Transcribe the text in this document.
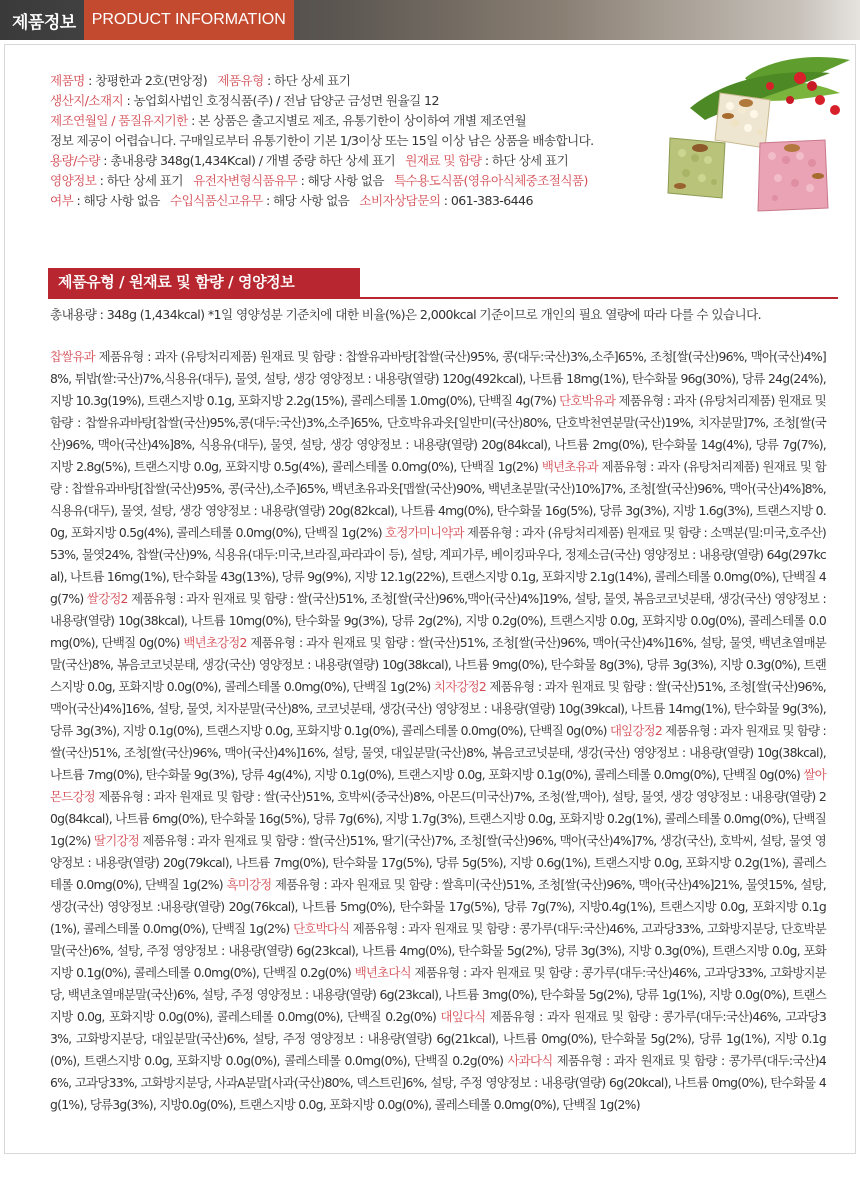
제품정보	PRODUCT INFORMATION
제품명 : 창평한과 2호(면앙정) 제품유형 : 하단 상세 표기
생산지/소재지 : 농업회사법인 호정식품(주) / 전남 담양군 금성면 원율길 12
제조연월일 / 품질유지기한 : 본 상품은 출고지별로 제조, 유통기한이 상이하여 개별 제조연월
정보 제공이 어렵습니다. 구매일로부터 유통기한이 기본 1/3이상 또는 15일 이상 남은 상품을 배송합니다.
용량/수량 : 총내용량 348g(1,434Kcal) / 개별 중량 하단 상세 표기 원재료 및 함량 : 하단 상세 표기
영양정보 : 하단 상세 표기 유전자변형식품유무 : 해당 사항 없음 특수용도식품(영유아식체중조절식품)
여부 : 해당 사항 없음 수입식품신고유무 : 해당 사항 없음 소비자상담문의 : 061-383-6446
제품유형 / 원재료 및 함량 / 영양정보
총내용량 : 348g (1,434kcal) *1일 영양성분 기준치에 대한 비율(%)은 2,000kcal 기준이므로 개인의 필요 열량에 따라 다를 수 있습니다.
찹쌀유과 제품유형 : 과자 (유탕처리제품) 원재료 및 함량 : 찹쌀유과바탕[찹쌀(국산)95%, 콩(대두:국산)3%,소주]65%, 조청[쌀(국산)96%, 맥아(국산)4%]8%, 튀밥(쌀:국산)7%,식용유(대두), 물엿, 설탕, 생강 영양정보 : 내용량(열량) 120g(492kcal), 나트륨 18mg(1%), 탄수화물 96g(30%), 당류 24g(24%), 지방 10.3g(19%), 트랜스지방 0.1g, 포화지방 2.2g(15%), 콜레스테롤 1.0mg(0%), 단백질 4g(7%) 단호박유과 제품유형 : 과자 (유탕처리제품) 원재료 및 함량 : 찹쌀유과바탕[찹쌀(국산)95%,콩(대두:국산)3%,소주]65%, 단호박유과옷[일반미(국산)80%, 단호박천연분말(국산)19%, 치자분말]7%, 조청[쌀(국산)96%, 맥아(국산)4%]8%, 식용유(대두), 물엿, 설탕, 생강 영양정보 : 내용량(열량) 20g(84kcal), 나트륨 2mg(0%), 탄수화물 14g(4%), 당류 7g(7%), 지방 2.8g(5%), 트랜스지방 0.0g, 포화지방 0.5g(4%), 콜레스테롤 0.0mg(0%), 단백질 1g(2%) 백년초유과 제품유형 : 과자 (유탕처리제품) 원재료 및 함량 : 찹쌀유과바탕[찹쌀(국산)95%, 콩(국산),소주]65%, 백년초유과옷[맵쌀(국산)90%, 백년초분말(국산)10%]7%, 조청[쌀(국산)96%, 맥아(국산)4%]8%, 식용유(대두), 물엿, 설탕, 생강 영양정보 : 내용량(열량) 20g(82kcal), 나트륨 4mg(0%), 탄수화물 16g(5%), 당류 3g(3%), 지방 1.6g(3%), 트랜스지방 0.0g, 포화지방 0.5g(4%), 콜레스테롤 0.0mg(0%), 단백질 1g(2%) 호정가미니약과 제품유형 : 과자 (유탕처리제품) 원재료 및 함량 : 소맥분(밀:미국,호주산)53%, 물엿24%, 찹쌀(국산)9%, 식용유(대두:미국,브라질,파라과이 등), 설탕, 계피가루, 베이킹파우다, 정제소금(국산) 영양정보 : 내용량(열량) 64g(297kcal), 나트륨 16mg(1%), 탄수화물 43g(13%), 당류 9g(9%), 지방 12.1g(22%), 트랜스지방 0.1g, 포화지방 2.1g(14%), 콜레스테롤 0.0mg(0%), 단백질 4g(7%) 쌀강정2 제품유형 : 과자 원재료 및 함량 : 쌀(국산)51%, 조청[쌀(국산)96%,맥아(국산)4%]19%, 설탕, 물엿, 볶음코코넛분태, 생강(국산) 영양정보 : 내용량(열량) 10g(38kcal), 나트륨 10mg(0%), 탄수화물 9g(3%), 당류 2g(2%), 지방 0.2g(0%), 트랜스지방 0.0g, 포화지방 0.0g(0%), 콜레스테롤 0.0mg(0%), 단백질 0g(0%) 백년초강정2 제품유형 : 과자 원재료 및 함량 : 쌀(국산)51%, 조청[쌀(국산)96%, 맥아(국산)4%]16%, 설탕, 물엿, 백년초열매분말(국산)8%, 볶음코코넛분태, 생강(국산) 영양정보 : 내용량(열량) 10g(38kcal), 나트륨 9mg(0%), 탄수화물 8g(3%), 당류 3g(3%), 지방 0.3g(0%), 트랜스지방 0.0g, 포화지방 0.0g(0%), 콜레스테롤 0.0mg(0%), 단백질 1g(2%) 치자강정2 제품유형 : 과자 원재료 및 함량 : 쌀(국산)51%, 조청[쌀(국산)96%, 맥아(국산)4%]16%, 설탕, 물엿, 치자분말(국산)8%, 코코넛분태, 생강(국산) 영양정보 : 내용량(열량) 10g(39kcal), 나트륨 14mg(1%), 탄수화물 9g(3%), 당류 3g(3%), 지방 0.1g(0%), 트랜스지방 0.0g, 포화지방 0.1g(0%), 콜레스테롤 0.0mg(0%), 단백질 0g(0%) 대잎강정2 제품유형 : 과자 원재료 및 함량 : 쌀(국산)51%, 조청[쌀(국산)96%, 맥아(국산)4%]16%, 설탕, 물엿, 대잎분말(국산)8%, 볶음코코넛분태, 생강(국산) 영양정보 : 내용량(열량) 10g(38kcal), 나트륨 7mg(0%), 탄수화물 9g(3%), 당류 4g(4%), 지방 0.1g(0%), 트랜스지방 0.0g, 포화지방 0.1g(0%), 콜레스테롤 0.0mg(0%), 단백질 0g(0%) 쌀아몬드강정 제품유형 : 과자 원재료 및 함량 : 쌀(국산)51%, 호박씨(중국산)8%, 아몬드(미국산)7%, 조청(쌀,맥아), 설탕, 물엿, 생강 영양정보 : 내용량(열량) 20g(84kcal), 나트륨 6mg(0%), 탄수화물 16g(5%), 당류 7g(6%), 지방 1.7g(3%), 트랜스지방 0.0g, 포화지방 0.2g(1%), 콜레스테롤 0.0mg(0%), 단백질 1g(2%) 딸기강정 제품유형 : 과자 원재료 및 함량 : 쌀(국산)51%, 딸기(국산)7%, 조청[쌀(국산)96%, 맥아(국산)4%]7%, 생강(국산), 호박씨, 설탕, 물엿 영양정보 : 내용량(열량) 20g(79kcal), 나트륨 7mg(0%), 탄수화물 17g(5%), 당류 5g(5%), 지방 0.6g(1%), 트랜스지방 0.0g, 포화지방 0.2g(1%), 콜레스테롤 0.0mg(0%), 단백질 1g(2%) 흑미강정 제품유형 : 과자 원재료 및 함량 : 쌀흑미(국산)51%, 조청[쌀(국산)96%, 맥아(국산)4%]21%, 물엿15%, 설탕, 생강(국산) 영양정보 :내용량(열량) 20g(76kcal), 나트륨 5mg(0%), 탄수화물 17g(5%), 당류 7g(7%), 지방0.4g(1%), 트랜스지방 0.0g, 포화지방 0.1g(1%), 콜레스테롤 0.0mg(0%), 단백질 1g(2%) 단호박다식 제품유형 : 과자 원재료 및 함량 : 콩가루(대두:국산)46%, 고과당33%, 고화방지분당, 단호박분말(국산)6%, 설탕, 주정 영양정보 : 내용량(열량) 6g(23kcal), 나트륨 4mg(0%), 탄수화물 5g(2%), 당류 3g(3%), 지방 0.3g(0%), 트랜스지방 0.0g, 포화지방 0.1g(0%), 콜레스테롤 0.0mg(0%), 단백질 0.2g(0%) 백년초다식 제품유형 : 과자 원재료 및 함량 : 콩가루(대두:국산)46%, 고과당33%, 고화방지분당, 백년초열매분말(국산)6%, 설탕, 주정 영양정보 : 내용량(열량) 6g(23kcal), 나트륨 3mg(0%), 탄수화물 5g(2%), 당류 1g(1%), 지방 0.0g(0%), 트랜스지방 0.0g, 포화지방 0.0g(0%), 콜레스테롤 0.0mg(0%), 단백질 0.2g(0%) 대잎다식 제품유형 : 과자 원재료 및 함량 : 콩가루(대두:국산)46%, 고과당33%, 고화방지분당, 대잎분말(국산)6%, 설탕, 주정 영양정보 : 내용량(열량) 6g(21kcal), 나트륨 0mg(0%), 탄수화물 5g(2%), 당류 1g(1%), 지방 0.1g(0%), 트랜스지방 0.0g, 포화지방 0.0g(0%), 콜레스테롤 0.0mg(0%), 단백질 0.2g(0%) 사과다식 제품유형 : 과자 원재료 및 함량 : 콩가루(대두:국산)46%, 고과당33%, 고화방지분당, 사과A분말[사과(국산)80%, 덱스트린]6%, 설탕, 주정 영양정보 : 내용량(열량) 6g(20kcal), 나트륨 0mg(0%), 탄수화물 4g(1%), 당류3g(3%), 지방0.0g(0%), 트랜스지방 0.0g, 포화지방 0.0g(0%), 콜레스테롤 0.0mg(0%), 단백질 1g(2%)
